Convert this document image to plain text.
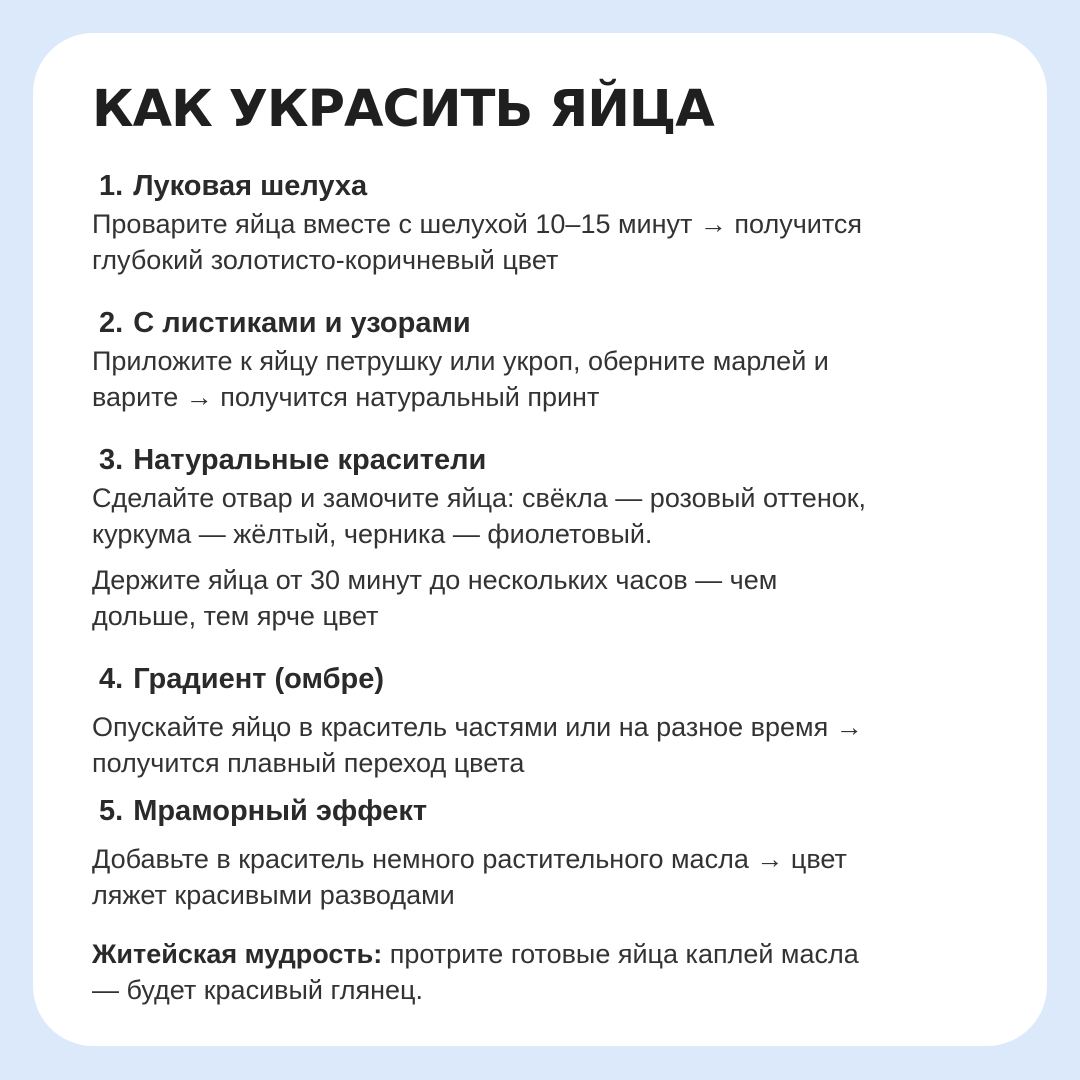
КАК УКРАСИТЬ ЯЙЦА
1. Луковая шелуха

Проварите яйца вместе с шелухой 10–15 минут → получится
глубокий золотисто-коричневый цвет

2. С листиками и узорами

Приложите к яйцу петрушку или укроп, оберните марлей и
варите → получится натуральный принт

3. Натуральные красители

Сделайте отвар и замочите яйца: свёкла — розовый оттенок,
куркума — жёлтый, черника — фиолетовый.

Держите яйца от 30 минут до нескольких часов — чем
дольше, тем ярче цвет

4. Градиент (омбре)

Опускайте яйцо в краситель частями или на разное время →
получится плавный переход цвета

5. Мраморный эффект

Добавьте в краситель немного растительного масла → цвет
ляжет красивыми разводами

Житейская мудрость: протрите готовые яйца каплей масла
— будет красивый глянец.
